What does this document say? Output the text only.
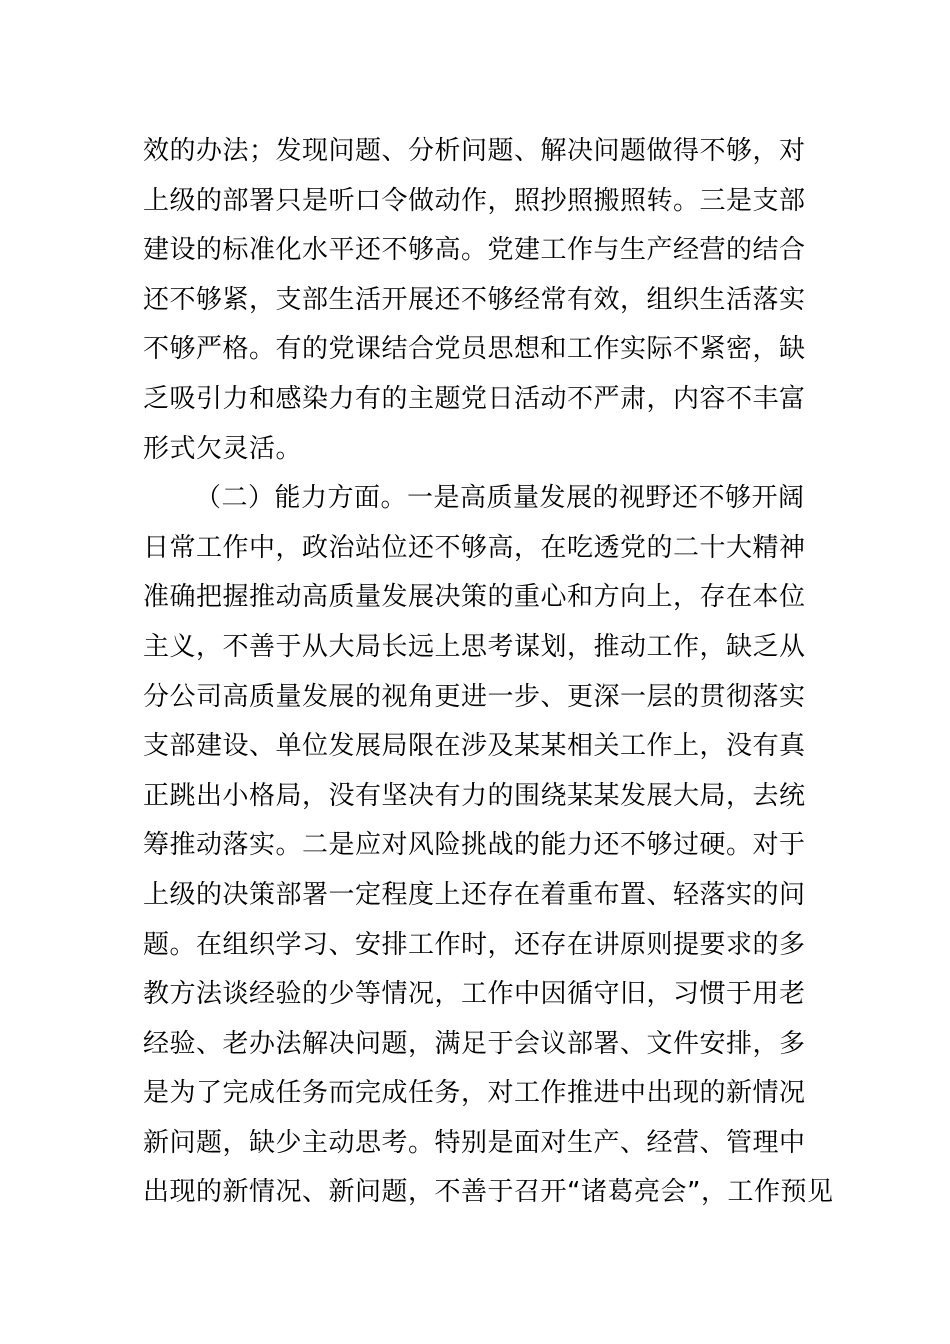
效的办法；发现问题、分析问题、解决问题做得不够，对
上级的部署只是听口令做动作，照抄照搬照转。三是支部
建设的标准化水平还不够高。党建工作与生产经营的结合
还不够紧，支部生活开展还不够经常有效，组织生活落实
不够严格。有的党课结合党员思想和工作实际不紧密，缺
乏吸引力和感染力有的主题党日活动不严肃，内容不丰富
形式欠灵活。
（二）能力方面。一是高质量发展的视野还不够开阔
日常工作中，政治站位还不够高，在吃透党的二十大精神
准确把握推动高质量发展决策的重心和方向上，存在本位
主义，不善于从大局长远上思考谋划，推动工作，缺乏从
分公司高质量发展的视角更进一步、更深一层的贯彻落实
支部建设、单位发展局限在涉及某某相关工作上，没有真
正跳出小格局，没有坚决有力的围绕某某发展大局，去统
筹推动落实。二是应对风险挑战的能力还不够过硬。对于
上级的决策部署一定程度上还存在着重布置、轻落实的问
题。在组织学习、安排工作时，还存在讲原则提要求的多
教方法谈经验的少等情况，工作中因循守旧，习惯于用老
经验、老办法解决问题，满足于会议部署、文件安排，多
是为了完成任务而完成任务，对工作推进中出现的新情况
新问题，缺少主动思考。特别是面对生产、经营、管理中
出现的新情况、新问题，不善于召开“诸葛亮会”，工作预见
